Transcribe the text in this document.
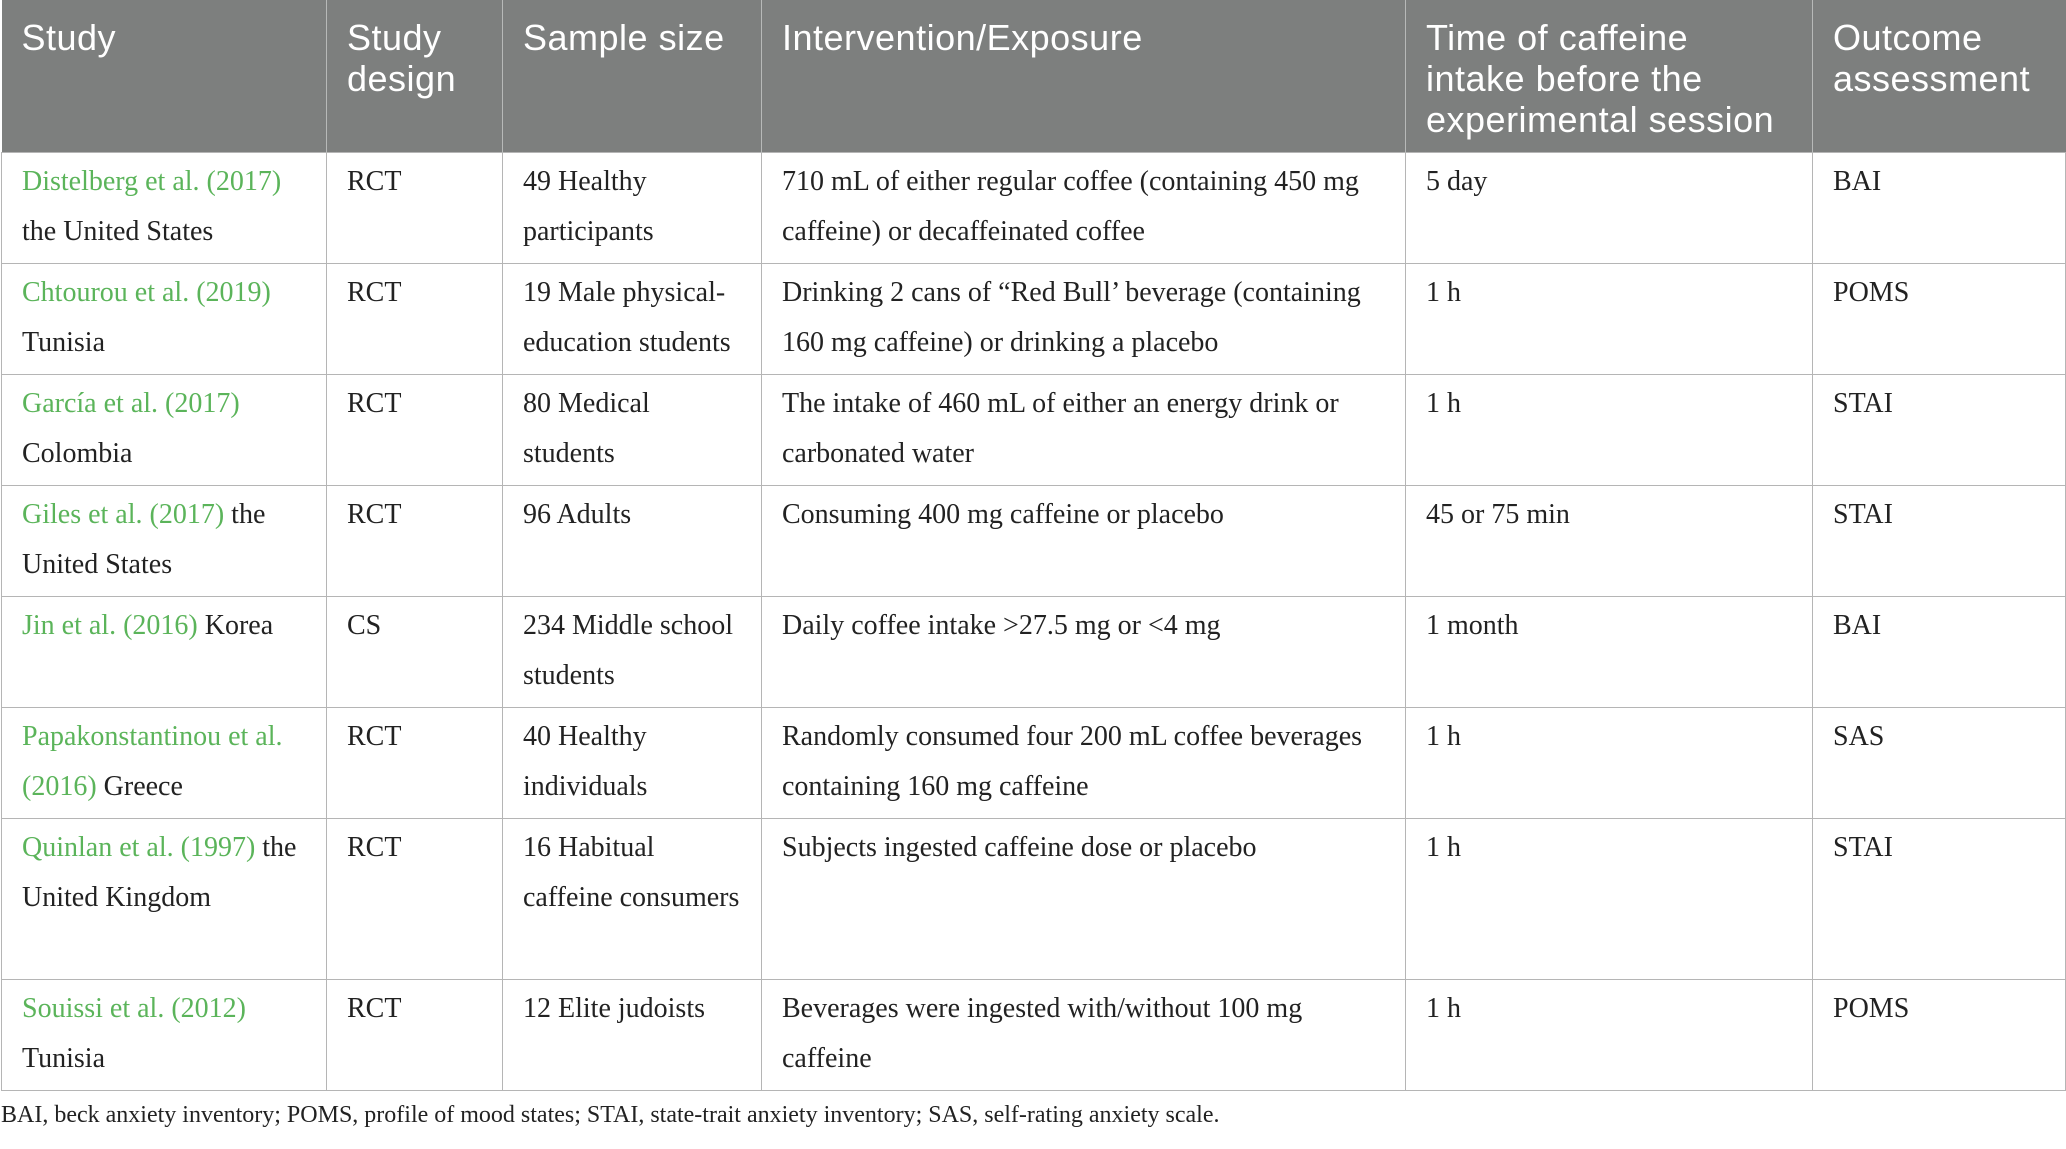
Study	Study design	Sample size	Intervention/Exposure	Time of caffeine intake before the experimental session	Outcome assessment
Distelberg et al. (2017) the United States	RCT	49 Healthy participants	710 mL of either regular coffee (containing 450 mg caffeine) or decaffeinated coffee	5 day	BAI
Chtourou et al. (2019) Tunisia	RCT	19 Male physical-education students	Drinking 2 cans of “Red Bull’ beverage (containing 160 mg caffeine) or drinking a placebo	1 h	POMS
García et al. (2017) Colombia	RCT	80 Medical students	The intake of 460 mL of either an energy drink or carbonated water	1 h	STAI
Giles et al. (2017) the United States	RCT	96 Adults	Consuming 400 mg caffeine or placebo	45 or 75 min	STAI
Jin et al. (2016) Korea	CS	234 Middle school students	Daily coffee intake >27.5 mg or <4 mg	1 month	BAI
Papakonstantinou et al. (2016) Greece	RCT	40 Healthy individuals	Randomly consumed four 200 mL coffee beverages containing 160 mg caffeine	1 h	SAS
Quinlan et al. (1997) the United Kingdom	RCT	16 Habitual caffeine consumers	Subjects ingested caffeine dose or placebo	1 h	STAI
Souissi et al. (2012) Tunisia	RCT	12 Elite judoists	Beverages were ingested with/without 100 mg caffeine	1 h	POMS

BAI, beck anxiety inventory; POMS, profile of mood states; STAI, state-trait anxiety inventory; SAS, self-rating anxiety scale.
